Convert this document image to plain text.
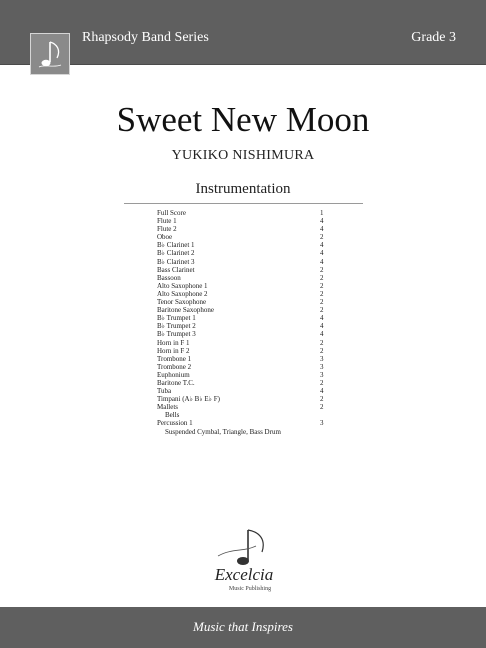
Rhapsody Band Series	Grade 3
Sweet New Moon
YUKIKO NISHIMURA
Instrumentation
Full Score	1
Flute 1	4
Flute 2	4
Oboe	2
B♭ Clarinet 1	4
B♭ Clarinet 2	4
B♭ Clarinet 3	4
Bass Clarinet	2
Bassoon	2
Alto Saxophone 1	2
Alto Saxophone 2	2
Tenor Saxophone	2
Baritone Saxophone	2
B♭ Trumpet 1	4
B♭ Trumpet 2	4
B♭ Trumpet 3	4
Horn in F 1	2
Horn in F 2	2
Trombone 1	3
Trombone 2	3
Euphonium	3
Baritone T.C.	2
Tuba	4
Timpani (A♭ B♭ E♭ F)	2
Mallets	2
Bells
Percussion 1	3
Suspended Cymbal, Triangle, Bass Drum
Excelcia
Music Publishing
Music that Inspires
